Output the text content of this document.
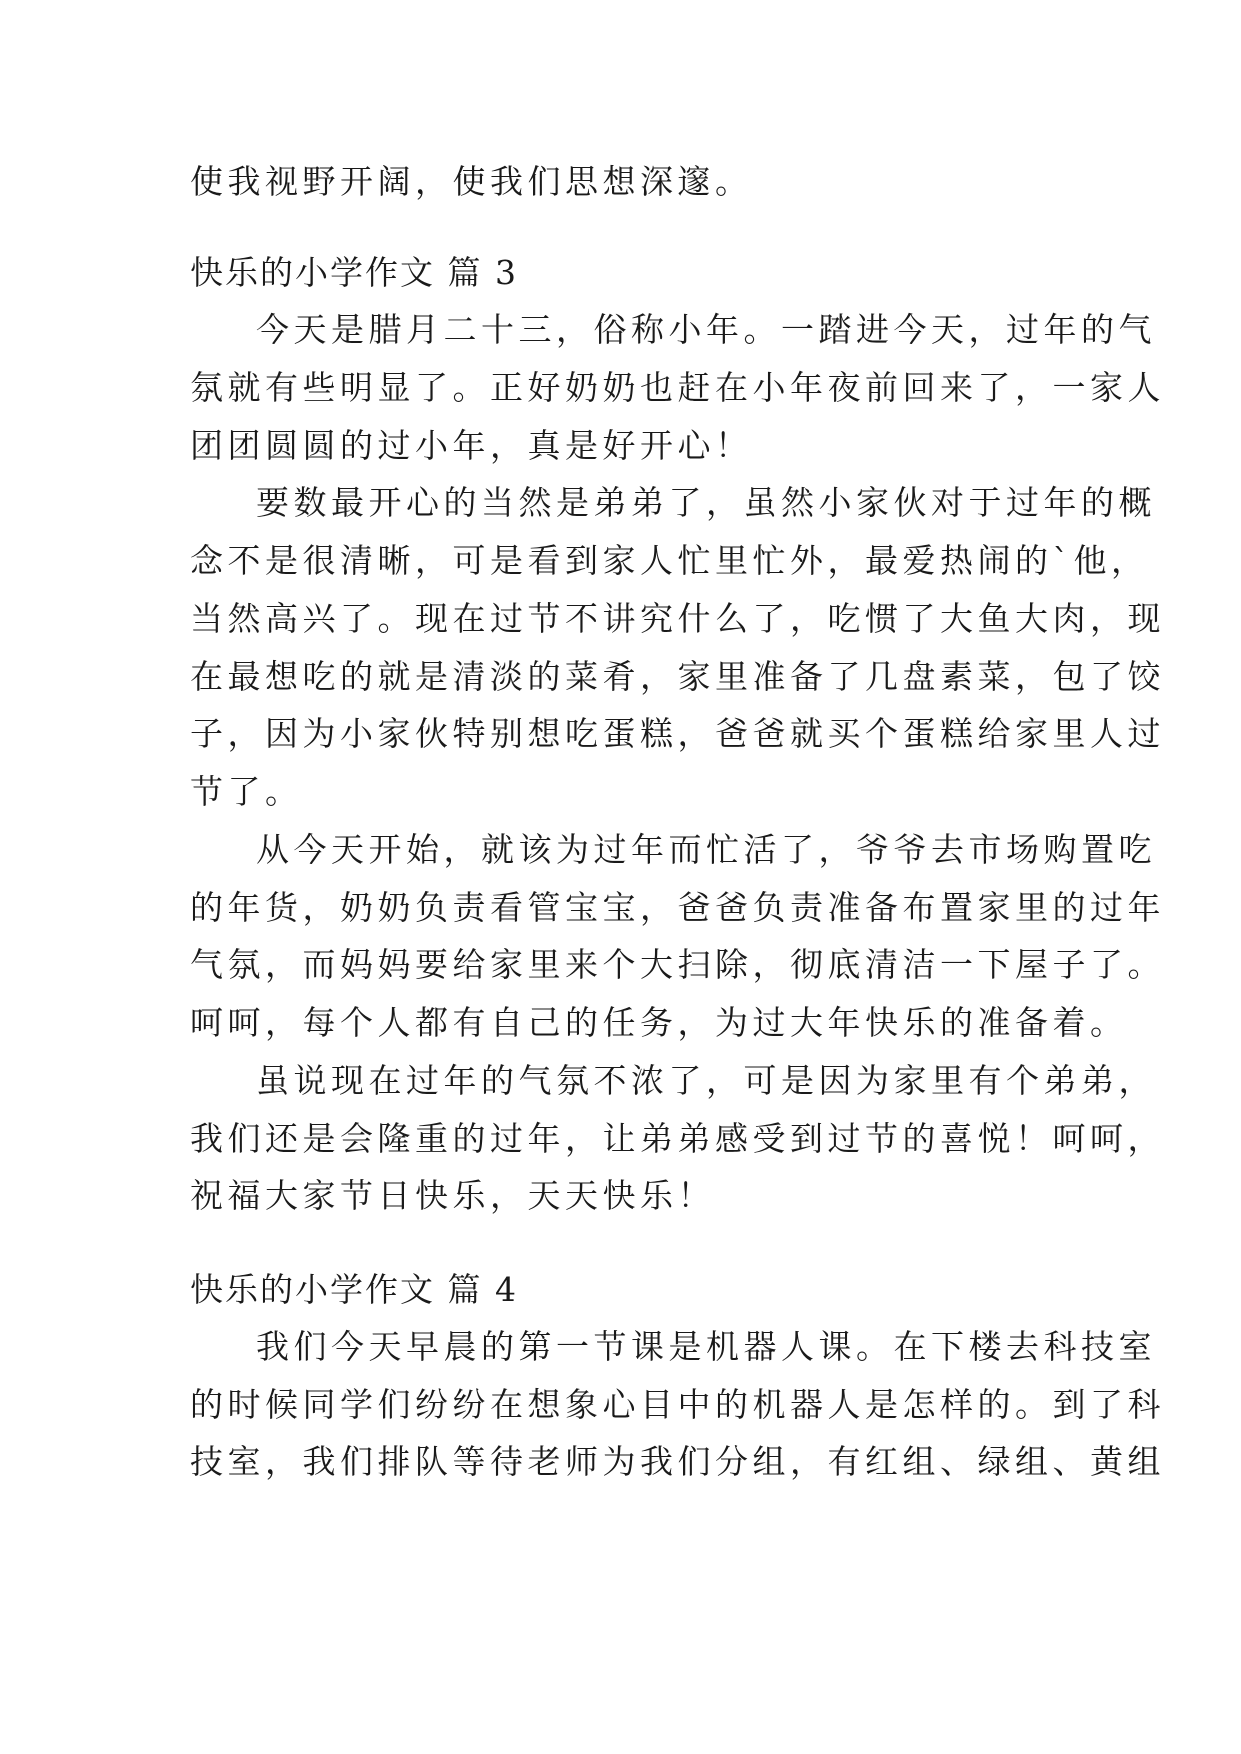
使我视野开阔，使我们思想深邃。

快乐的小学作文 篇 3

今天是腊月二十三，俗称小年。一踏进今天，过年的气

氛就有些明显了。正好奶奶也赶在小年夜前回来了，一家人

团团圆圆的过小年，真是好开心！

要数最开心的当然是弟弟了，虽然小家伙对于过年的概

念不是很清晰，可是看到家人忙里忙外，最爱热闹的`他，

当然高兴了。现在过节不讲究什么了，吃惯了大鱼大肉，现

在最想吃的就是清淡的菜肴，家里准备了几盘素菜，包了饺

子，因为小家伙特别想吃蛋糕，爸爸就买个蛋糕给家里人过

节了。

从今天开始，就该为过年而忙活了，爷爷去市场购置吃

的年货，奶奶负责看管宝宝，爸爸负责准备布置家里的过年

气氛，而妈妈要给家里来个大扫除，彻底清洁一下屋子了。

呵呵，每个人都有自己的任务，为过大年快乐的准备着。

虽说现在过年的气氛不浓了，可是因为家里有个弟弟，

我们还是会隆重的过年，让弟弟感受到过节的喜悦！呵呵，

祝福大家节日快乐，天天快乐！

快乐的小学作文 篇 4

我们今天早晨的第一节课是机器人课。在下楼去科技室

的时候同学们纷纷在想象心目中的机器人是怎样的。到了科

技室，我们排队等待老师为我们分组，有红组、绿组、黄组
